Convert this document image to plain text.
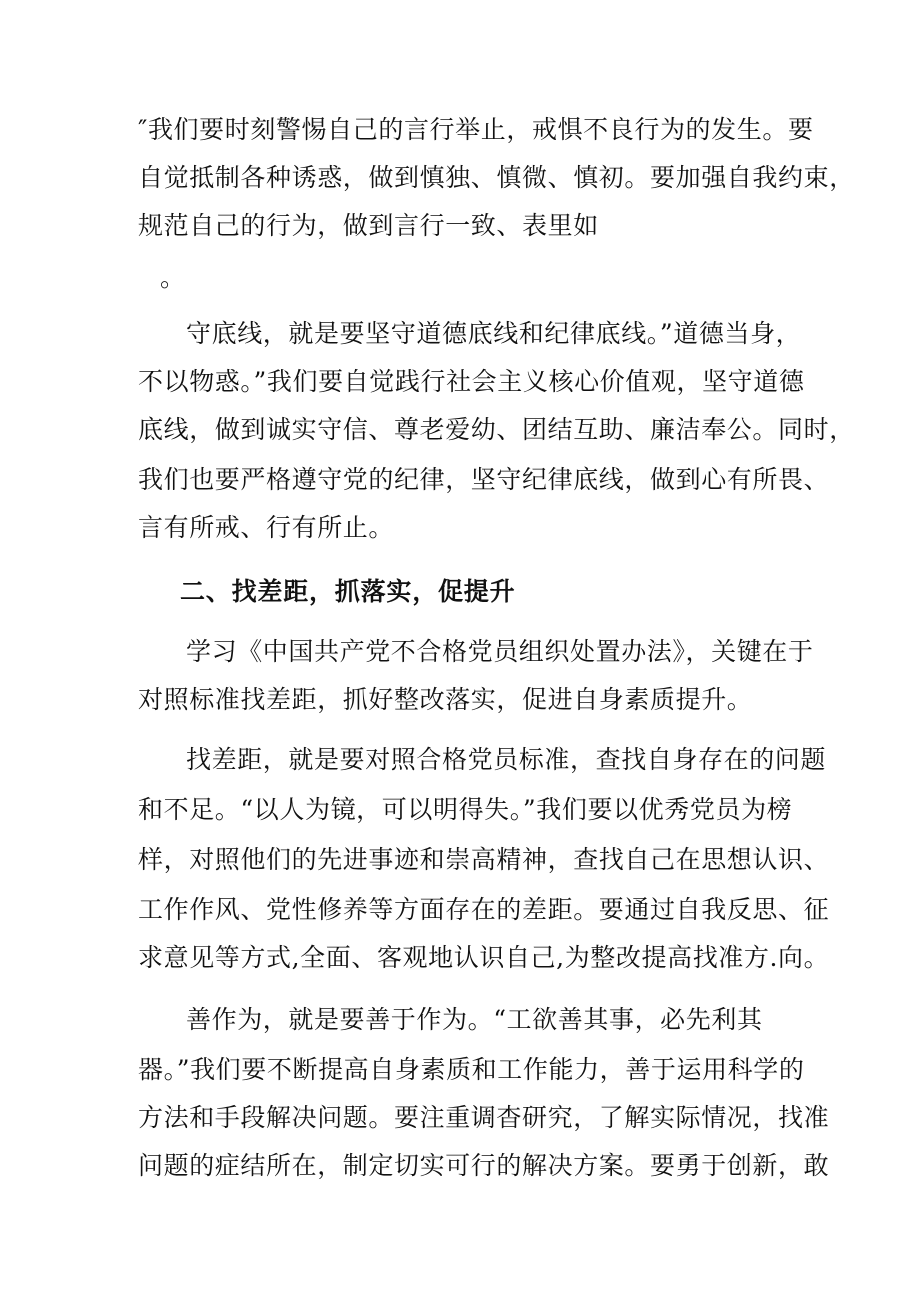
″我们要时刻警惕自己的言行举止，戒惧不良行为的发生。要
自觉抵制各种诱惑，做到慎独、慎微、慎初。要加强自我约束，
规范自己的行为，做到言行一致、表里如
。
守底线，就是要坚守道德底线和纪律底线。”道德当身，
不以物惑。”我们要自觉践行社会主义核心价值观，坚守道德
底线，做到诚实守信、尊老爱幼、团结互助、廉洁奉公。同时，
我们也要严格遵守党的纪律，坚守纪律底线，做到心有所畏、
言有所戒、行有所止。
二、找差距，抓落实，促提升
学习《中国共产党不合格党员组织处置办法》，关键在于
对照标准找差距，抓好整改落实，促进自身素质提升。
找差距，就是要对照合格党员标准，查找自身存在的问题
和不足。“以人为镜，可以明得失。”我们要以优秀党员为榜
样，对照他们的先进事迹和崇高精神，查找自己在思想认识、
工作作风、党性修养等方面存在的差距。要通过自我反思、征
求意见等方式,全面、客观地认识自己,为整改提高找准方.向。
善作为，就是要善于作为。“工欲善其事，必先利其
器。”我们要不断提高自身素质和工作能力，善于运用科学的
方法和手段解决问题。要注重调杳研究，了解实际情况，找准
问题的症结所在，制定切实可行的解决方案。要勇于创新，敢
